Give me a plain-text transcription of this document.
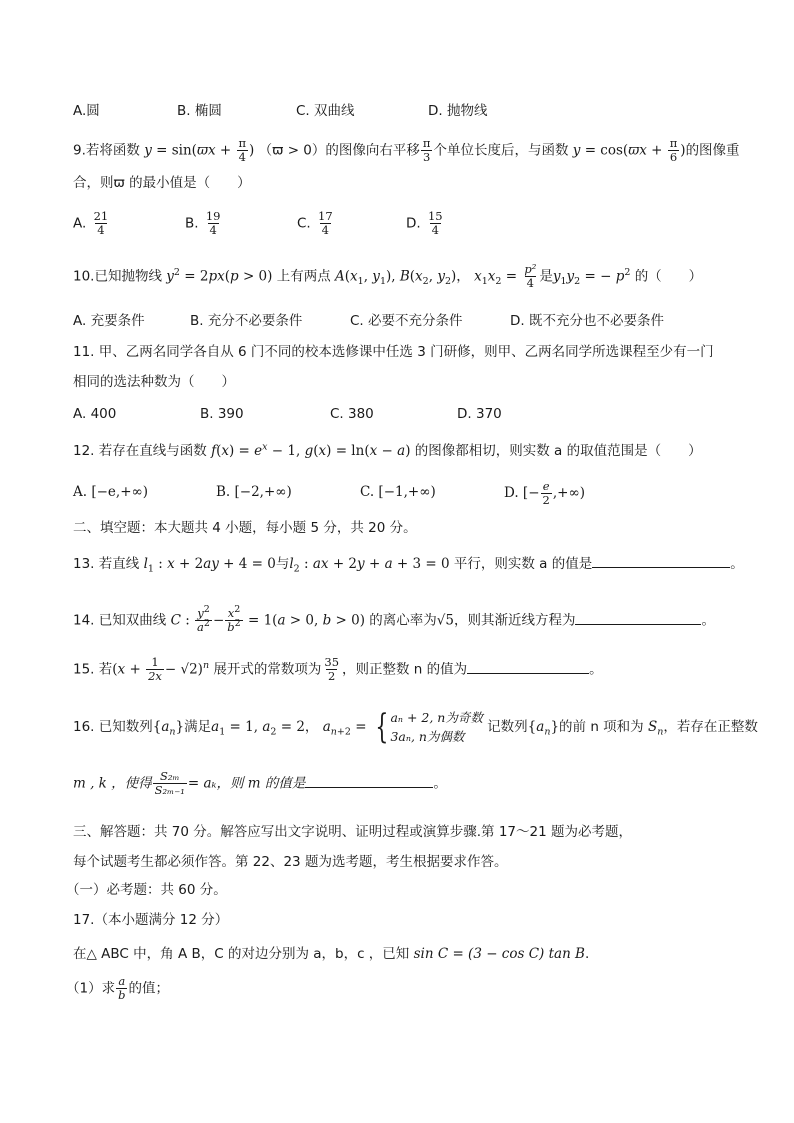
A.圆	B. 椭圆	C. 双曲线	D. 抛物线
9.若将函数 $y = \sin(ϖx + \frac{\pi}{4}$ ) （ϖ > 0）的图像向右平移 $\frac{\pi}{3}$ 个单位长度后，与函数 $y = \cos(ϖx + \frac{\pi}{6}$ )的图像重
合，则ϖ 的最小值是（　　）
A. $\frac{21}{4}$	B. $\frac{19}{4}$	C. $\frac{17}{4}$	D. $\frac{15}{4}$
10.已知抛物线 $y^2 = 2px(p > 0)$ 上有两点 $A(x_1$, $y_1$), $B(x_2$, $y_2$)， $x_1x_2 = \frac{\text{p²}}{4}$ 是$y_1y_2$ = − $p^2$ 的（　　）
A. 充要条件	B. 充分不必要条件	C. 必要不充分条件	D. 既不充分也不必要条件
11. 甲、乙两名同学各自从 6 门不同的校本选修课中任选 3 门研修，则甲、乙两名同学所选课程至少有一门
相同的选法种数为（　　）
A. 400	B. 390	C. 380	D. 370
12. 若存在直线与函数 $f(x) = e^x - 1$, g(x) = ln(x − a) 的图像都相切，则实数 a 的取值范围是（　　）
A. [−e,+∞)	B. [−2,+∞)	C. [−1,+∞)	D. [− $\frac{e}{2}$ ,+∞)
二、填空题：本大题共 4 小题，每小题 5 分，共 20 分。
13. 若直线 $l_1$ : x + 2ay + 4 = 0与$l_2$ : ax + 2y + a + 3 = 0 平行，则实数 a 的值是	。
14. 已知双曲线 C : $\frac{y^2}{a^2} - \frac{x^2}{b^2} = 1(a > 0$, b > 0) 的离心率为√5，则其渐近线方程为	。
15. 若$(x + \frac{1}{2x} - √2)^n$ 展开式的常数项为 $\frac{35}{2}$ ，则正整数 n 的值为	。
16. 已知数列$\{a_n\}$满足$a_1 = 1$, $a_2 = 2$， $a_{n+2}$ = { aₙ + 2, n为奇数
3aₙ, n为偶数
记数列$\{a_n\}$的前 n 项和为 $S_n$，若存在正整数
m , k ，使得 $\frac{\text{S₂ₘ}}{\text{S₂ₘ₋₁}} = a_k$，则 m 的值是	。
三、解答题：共 70 分。解答应写出文字说明、证明过程或演算步骤.第 17～21 题为必考题，
每个试题考生都必须作答。第 22、23 题为选考题，考生根据要求作答。
（一）必考题：共 60 分。
17.（本小题满分 12 分）
在△ ABC 中，角 A B，C 的对边分别为 a，b，c ，已知 sin C = (3 − cos C) tan B.
（1）求 $\frac{a}{b}$ 的值；
